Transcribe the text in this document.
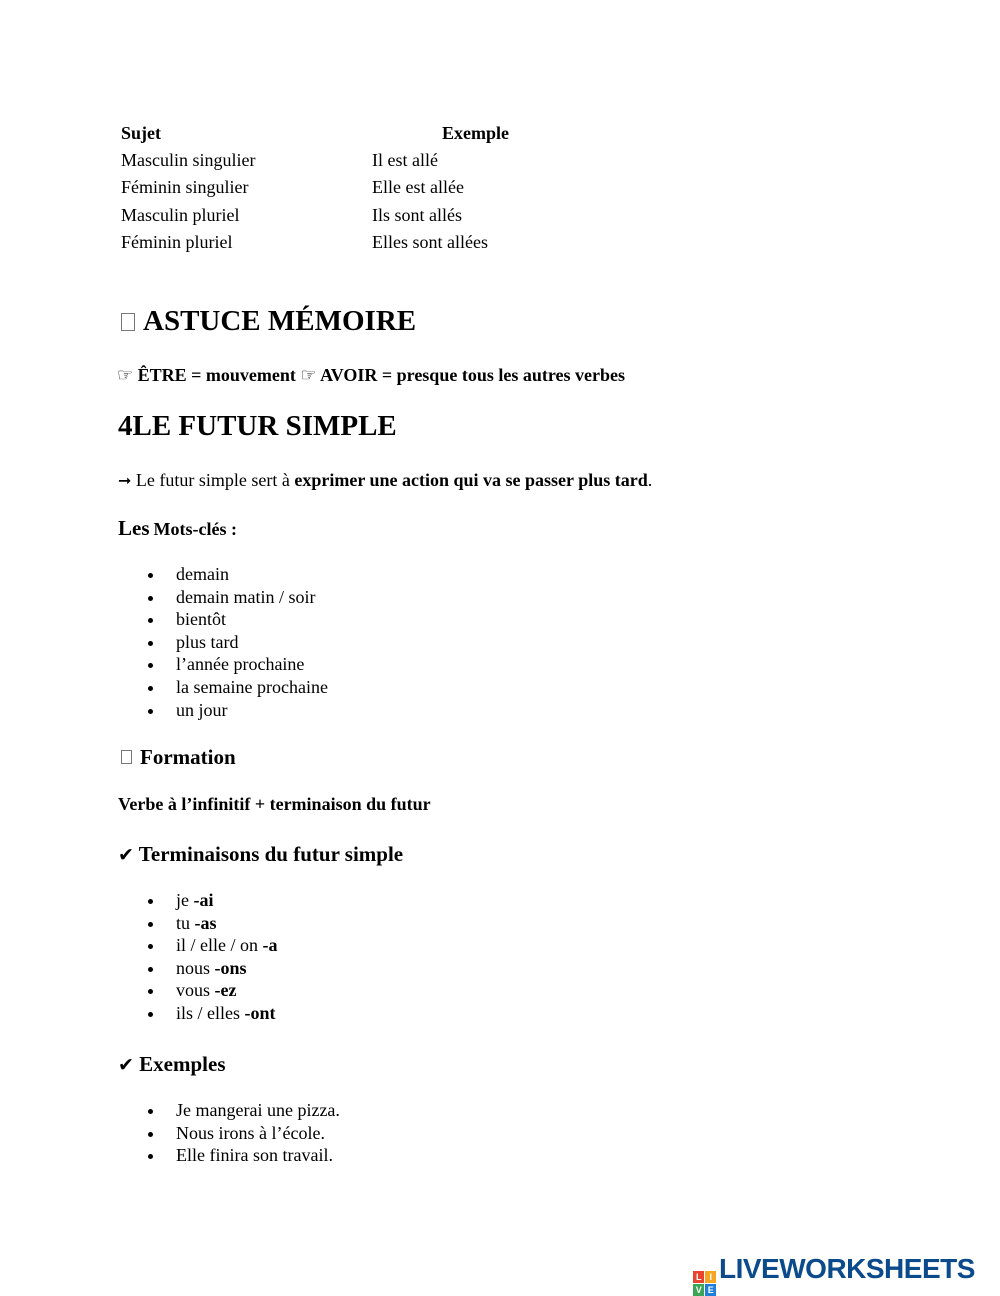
Sujet	Exemple
Masculin singulier	Il est allé
Féminin singulier	Elle est allée
Masculin pluriel	Ils sont allés
Féminin pluriel	Elles sont allées
ASTUCE MÉMOIRE
☞ ÊTRE = mouvement ☞ AVOIR = presque tous les autres verbes
4LE FUTUR SIMPLE
➞ Le futur simple sert à exprimer une action qui va se passer plus tard.
Les Mots-clés :
demain
demain matin / soir
bientôt
plus tard
l’année prochaine
la semaine prochaine
un jour
Formation
Verbe à l’infinitif + terminaison du futur
✔ Terminaisons du futur simple
je -ai
tu -as
il / elle / on -a
nous -ons
vous -ez
ils / elles -ont
✔ Exemples
Je mangerai une pizza.
Nous irons à l’école.
Elle finira son travail.
L I
V E
LIVEWORKSHEETS
